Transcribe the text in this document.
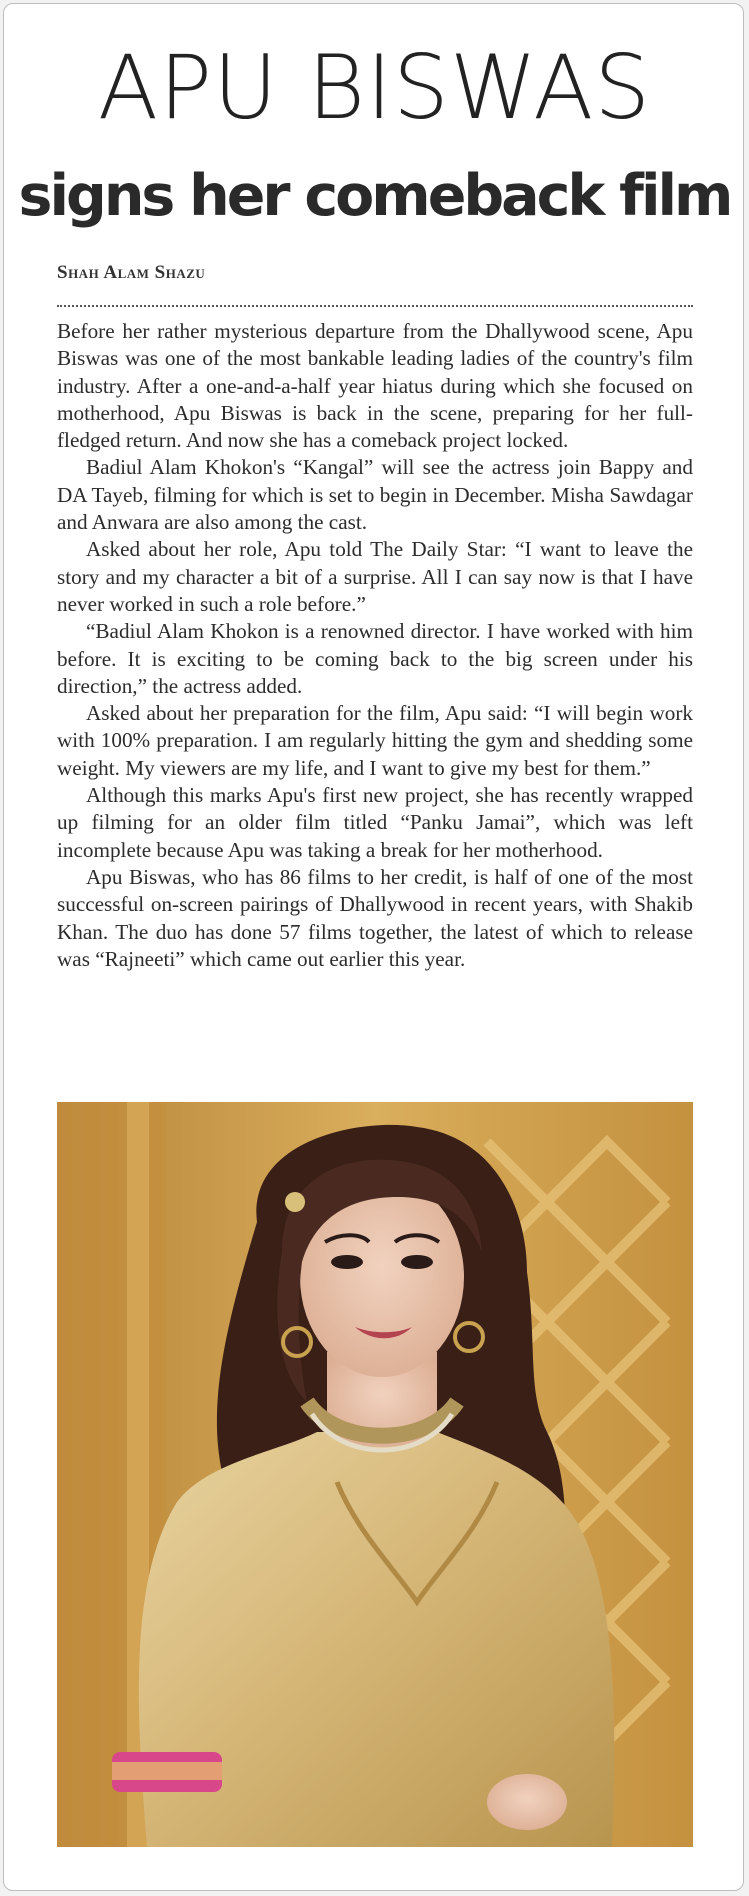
APU BISWAS
signs her comeback film
Shah Alam Shazu

Before her rather mysterious departure from the Dhallywood scene, Apu Biswas was one of the most bankable leading ladies of the country's film industry. After a one-and-a-half year hiatus during which she focused on motherhood, Apu Biswas is back in the scene, preparing for her full-fledged return. And now she has a comeback project locked.

Badiul Alam Khokon's “Kangal” will see the actress join Bappy and DA Tayeb, filming for which is set to begin in December. Misha Sawdagar and Anwara are also among the cast.

Asked about her role, Apu told The Daily Star: “I want to leave the story and my character a bit of a surprise. All I can say now is that I have never worked in such a role before.”

“Badiul Alam Khokon is a renowned director. I have worked with him before. It is exciting to be coming back to the big screen under his direction,” the actress added.

Asked about her preparation for the film, Apu said: “I will begin work with 100% preparation. I am regularly hitting the gym and shedding some weight. My viewers are my life, and I want to give my best for them.”

Although this marks Apu's first new project, she has recently wrapped up filming for an older film titled “Panku Jamai”, which was left incomplete because Apu was taking a break for her motherhood.

Apu Biswas, who has 86 films to her credit, is half of one of the most successful on-screen pairings of Dhallywood in recent years, with Shakib Khan. The duo has done 57 films together, the latest of which to release was “Rajneeti” which came out earlier this year.
